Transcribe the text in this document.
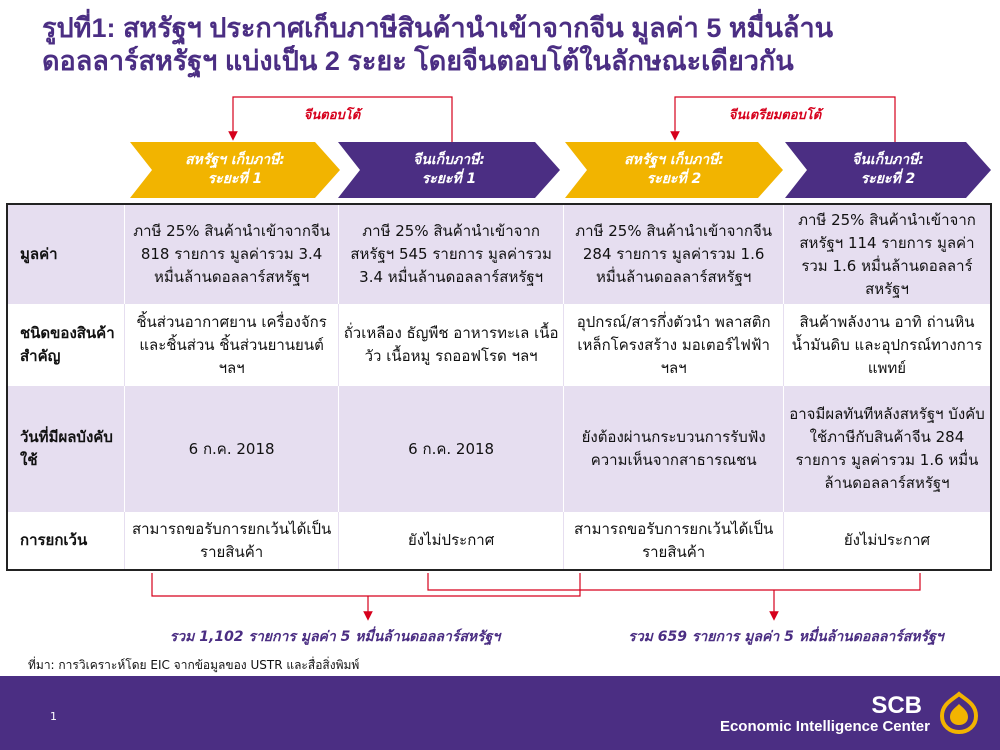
รูปที่1: สหรัฐฯ ประกาศเก็บภาษีสินค้านำเข้าจากจีน มูลค่า 5 หมื่นล้าน
ดอลลาร์สหรัฐฯ แบ่งเป็น 2 ระยะ โดยจีนตอบโต้ในลักษณะเดียวกัน
จีนตอบโต้	จีนเตรียมตอบโต้
สหรัฐฯ เก็บภาษี:
ระยะที่ 1
จีนเก็บภาษี:
ระยะที่ 1
สหรัฐฯ เก็บภาษี:
ระยะที่ 2
จีนเก็บภาษี:
ระยะที่ 2
มูลค่า	ภาษี 25% สินค้านำเข้าจากจีน 818 รายการ มูลค่ารวม 3.4 หมื่นล้านดอลลาร์สหรัฐฯ	ภาษี 25% สินค้านำเข้าจากสหรัฐฯ 545 รายการ มูลค่ารวม 3.4 หมื่นล้านดอลลาร์สหรัฐฯ	ภาษี 25% สินค้านำเข้าจากจีน 284 รายการ มูลค่ารวม 1.6 หมื่นล้านดอลลาร์สหรัฐฯ	ภาษี 25% สินค้านำเข้าจากสหรัฐฯ 114 รายการ มูลค่ารวม 1.6 หมื่นล้านดอลลาร์สหรัฐฯ
ชนิดของสินค้าสำคัญ	ชิ้นส่วนอากาศยาน เครื่องจักรและชิ้นส่วน ชิ้นส่วนยานยนต์ ฯลฯ	ถั่วเหลือง ธัญพืช อาหารทะเล เนื้อวัว เนื้อหมู รถออฟโรด ฯลฯ	อุปกรณ์/สารกึ่งตัวนำ พลาสติก เหล็กโครงสร้าง มอเตอร์ไฟฟ้า ฯลฯ	สินค้าพลังงาน อาทิ ถ่านหิน น้ำมันดิบ และอุปกรณ์ทางการแพทย์
วันที่มีผลบังคับใช้	6 ก.ค. 2018	6 ก.ค. 2018	ยังต้องผ่านกระบวนการรับฟังความเห็นจากสาธารณชน	อาจมีผลทันทีหลังสหรัฐฯ บังคับใช้ภาษีกับสินค้าจีน 284 รายการ มูลค่ารวม 1.6 หมื่นล้านดอลลาร์สหรัฐฯ
การยกเว้น	สามารถขอรับการยกเว้นได้เป็นรายสินค้า	ยังไม่ประกาศ	สามารถขอรับการยกเว้นได้เป็นรายสินค้า	ยังไม่ประกาศ
รวม 1,102 รายการ มูลค่า 5 หมื่นล้านดอลลาร์สหรัฐฯ	รวม 659 รายการ มูลค่า 5 หมื่นล้านดอลลาร์สหรัฐฯ
ที่มา: การวิเคราะห์โดย EIC จากข้อมูลของ USTR และสื่อสิ่งพิมพ์
1	SCB
Economic Intelligence Center
